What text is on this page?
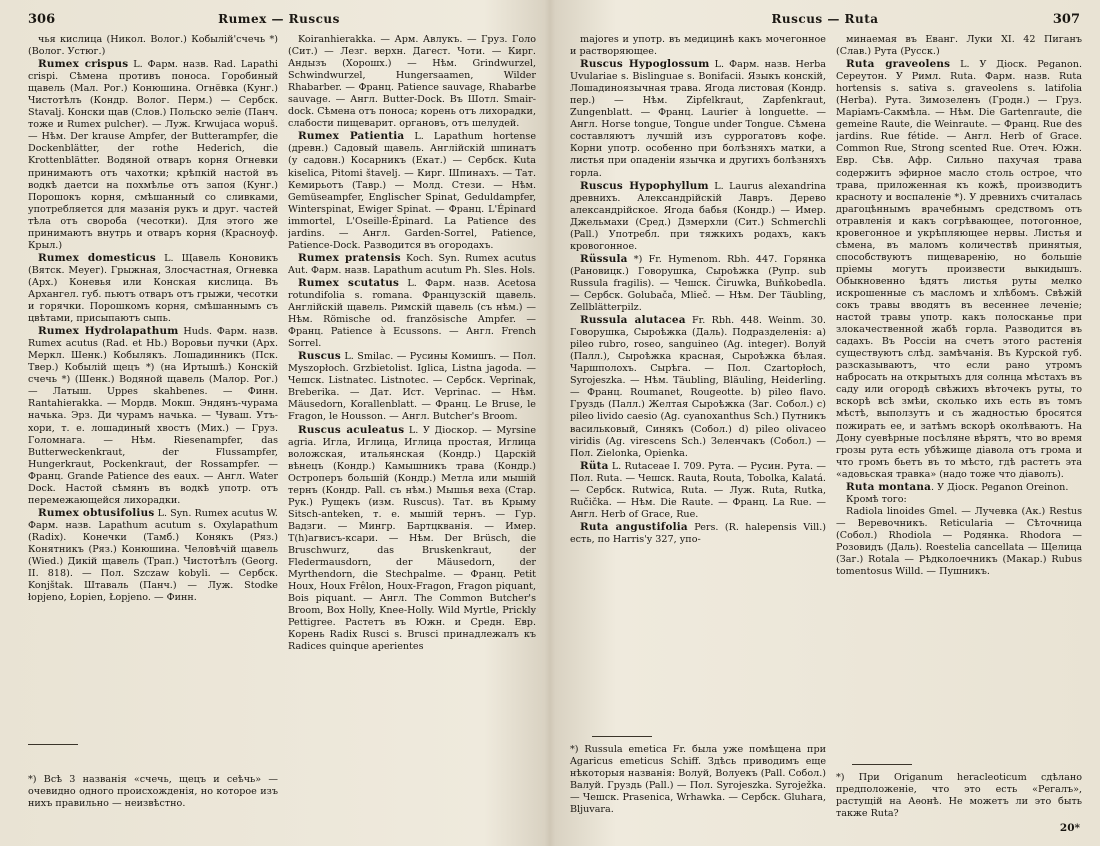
306	Rumex — Ruscus

чья кислица (Никол. Волог.) Кобылій'счечь *) (Волог. Устюг.)

Rumex crispus L. Фарм. назв. Rad. Lapathi crispi. Сѣмена противъ поноса. Горобиный щавель (Мал. Рог.) Конюшина. Огнёвка (Кунг.) Чистотѣлъ (Кондр. Волог. Перм.) — Сербск. Stavalj. Конски щав (Слов.) Польско эеліе (Панч. тоже и Rumex pulcher). — Луж. Krwujaca wopuš. — Нѣм. Der krause Ampfer, der Butterampfer, die Dockenblätter, der rothe Hederich, die Krottenblätter. Водяной отваръ корня Огневки принимаютъ отъ чахотки; крѣпкій настой въ водкѣ даетси на похмѣлье отъ запоя (Кунг.) Порошокъ корня, смѣшанный со сливками, употребляется для мазанія рукъ и друг. частей тѣла отъ свороба (чесотки). Для этого же принимаютъ внутрь и отваръ корня (Красноуф. Крыл.)

Rumex domesticus L. Щавель Коновикъ (Вятск. Меуег). Грыжная, Злосчастная, Огневка (Арх.) Коневья или Конская кислица. Въ Архангел. губ. пьютъ отваръ отъ грыжи, чесотки и горячки. Порошкомъ корня, смѣшаннымъ съ цвѣтами, присыпаютъ сыпь.

Rumex Hydrolapathum Huds. Фарм. назв. Rumex acutus (Rad. et Hb.) Воровьи пучки (Арх. Меркл. Шенк.) Кобылякъ. Лошадинникъ (Пск. Твер.) Кобылій щецъ *) (на Иртышѣ.) Конскій счечь *) (Шенк.) Водяной щавель (Малор. Рог.) — Латыш. Uppes skahbenes. — Финн. Rantahierakka. — Мордв. Мокш. Эндянъ-чурама начька. Эрз. Ди чурамъ начька. — Чуваш. Утъ-хори, т. е. лошадиный хвостъ (Мих.) — Груз. Голомнага. — Нѣм. Riesenampfer, das Butterweckenkraut, der Flussampfer, Hungerkraut, Pockenkraut, der Rossampfer. — Франц. Grande Patience des eaux. — Англ. Water Dock. Настой сѣмянъ въ водкѣ употр. отъ перемежающейся лихорадки.

Rumex obtusifolius L. Syn. Rumex acutus W. Фарм. назв. Lapathum acutum s. Oxylapathum (Radix). Конечки (Тамб.) Конякъ (Ряз.) Конятникъ (Ряз.) Конюшина. Человѣчій щавель (Wied.) Дикій щавель (Трап.) Чистотѣлъ (Georg. II. 818). — Пол. Szczaw kobyli. — Сербск. Konjštak. Штаваль (Панч.) — Луж. Stodke łopjeno, Łopien, Łopjeno. — Финн.

Koiranhierakka. — Арм. Авлукъ. — Груз. Голо (Сит.) — Лезг. верхн. Дагест. Чоти. — Кирг. Андызъ (Хорошх.) — Нѣм. Grindwurzel, Schwindwurzel, Hungersaamen, Wilder Rhabarber. — Франц. Patience sauvage, Rhabarbe sauvage. — Англ. Butter-Dock. Въ Шотл. Smair-dock. Сѣмена отъ поноса; корень отъ лихорадки, слабости пищеварит. органовъ, отъ шелудей.

Rumex Patientia L. Lapathum hortense (древн.) Садовый щавель. Англійскій шпинатъ (у садовн.) Косарникъ (Екат.) — Сербск. Kuta kiselica, Pitomi štavelj. — Кирг. Шпинахъ. — Тат. Кемирьотъ (Тавр.) — Молд. Стези. — Нѣм. Gemüseampfer, Englischer Spinat, Geduldampfer, Winterspinat, Ewiger Spinat. — Франц. L'Épinard immortel, L'Oseille-Épinard. La Patience des jardins. — Англ. Garden-Sorrel, Patience, Patience-Dock. Разводится въ огородахъ.

Rumex pratensis Koch. Syn. Rumex acutus Aut. Фарм. назв. Lapathum acutum Ph. Sles. Hols.

Rumex scutatus L. Фарм. назв. Acetosa rotundifolia s. romana. Французскій щавель. Англійскій щавель. Римскій щавель (съ нѣм.) — Нѣм. Römische od. französische Ampfer. — Франц. Patience à Ecussons. — Англ. French Sorrel.

Ruscus L. Smilac. — Русины Комишъ. — Пол. Myszopłoch. Grzbietolist. Iglica, Listna jagoda. — Чешск. Listnatec. Listnotec. — Сербск. Veprinak, Breberika. — Дат. Ист. Veprinac. — Нѣм. Mäusedorn, Korallenblatt. — Франц. Le Bruse, le Fragon, le Housson. — Англ. Butcher's Broom.

Ruscus aculeatus L. У Діоскор. — Myrsine agria. Игла, Иглица, Иглица простая, Иглица воложская, итальянская (Кондр.) Царскій вѣнецъ (Кондр.) Камышникъ трава (Кондр.) Остроперъ большій (Кондр.) Метла или мышій тернъ (Кондр. Pall. съ нѣм.) Мышья веха (Стар. Рук.) Рущекъ (изм. Ruscus). Тат. въ Крыму Sitsch-anteken, т. е. мышій тернъ. — Гур. Вадзги. — Мингр. Бартцкванія. — Имер. Т(h)агвисъ-ксари. — Нѣм. Der Brüsch, die Bruschwurz, das Bruskenkraut, der Fledermausdorn, der Mäusedorn, der Myrthendorn, die Stechpalme. — Франц. Petit Houx, Houx Frêlon, Houx-Fragon, Fragon piquant, Bois piquant. — Англ. The Common Butcher's Broom, Box Holly, Knee-Holly. Wild Myrtle, Prickly Pettigree. Растетъ въ Южн. и Средн. Евр. Корень Radix Rusci s. Brusci принадлежалъ къ Radices quinque aperientes

*) Всѣ 3 названія «счечь, щецъ и сеѣчь» — очевидно одного происхожденія, но которое изъ нихъ правильно — неизвѣстно.
Ruscus — Ruta	307

majores и употр. въ медицинѣ какъ мочегонное и растворяющее.

Ruscus Hypoglossum L. Фарм. назв. Herba Uvulariae s. Bislinguae s. Bonifacii. Языкъ конскій, Лошадиноязычная трава. Ягода листовая (Кондр. пер.) — Нѣм. Zipfelkraut, Zapfenkraut, Zungenblatt. — Франц. Laurier à longuette. — Англ. Horse tongue, Tongue under Tongue. Сѣмена составляютъ лучшій изъ суррогатовъ кофе. Корни употр. особенно при болѣзняхъ матки, а листья при опаденіи язычка и другихъ болѣзняхъ горла.

Ruscus Hypophyllum L. Laurus alexandrina древнихъ. Александрійскій Лавръ. Дерево александрійское. Ягода бабья (Кондр.) — Имер. Джельмахи (Сред.) Дзмерхли (Сит.) Schmerchli (Pall.) Употребл. при тяжкихъ родахъ, какъ кровогонное.

Rüssula *) Fr. Hymenom. Rbh. 447. Горянка (Рановицк.) Говорушка, Сыроѣжка (Рупр. sub Russula fragilis). — Чешск. Čiruwka, Buňkobedla. — Сербск. Golubača, Mlieč. — Нѣм. Der Täubling, Zellblätterpilz.

Russula alutacea Fr. Rbh. 448. Weinm. 30. Говорушка, Сыроѣжка (Даль). Подразделенія: a) pileo rubro, roseo, sanguineo (Ag. integer). Волуй (Палл.), Сыроѣжка красная, Сыроѣжка бѣлая. Чаршполохъ. Сырѣга. — Пол. Czartopłoch, Syrojeszka. — Нѣм. Täubling, Bläuling, Heiderling. — Франц. Roumanet, Rougeotte. b) pileo flavo. Груздь (Палл.) Желтая Сыроѣжка (Заг. Собол.) c) pileo livido caesio (Ag. cyanoxanthus Sch.) Путникъ васильковый, Синякъ (Собол.) d) pileo olivaceo viridis (Ag. virescens Sch.) Зеленчакъ (Собол.) — Пол. Zielonka, Opienka.

Rüta L. Rutaceae I. 709. Рута. — Русин. Рута. — Пол. Ruta. — Чешск. Rauta, Routa, Tobolka, Kalatá. — Сербск. Rutwica, Ruta. — Луж. Ruta, Rutka, Ručička. — Нѣм. Die Raute. — Франц. La Rue. — Англ. Herb of Grace, Rue.

Ruta angustifolia Pers. (R. halepensis Vill.) есть, по Harris'y 327, упо-

минаемая въ Еванг. Луки XI. 42 Пиганъ (Слав.) Рута (Русск.)

Ruta graveolens L. У Діоск. Peganon. Сереутон. У Римл. Ruta. Фарм. назв. Ruta hortensis s. sativa s. graveolens s. latifolia (Herba). Рута. Зимозеленъ (Гродн.) — Груз. Маріамъ-Сакмѣла. — Нѣм. Die Gartenraute, die gemeine Raute, die Weinraute. — Франц. Rue des jardins. Rue fétide. — Англ. Herb of Grace. Common Rue, Strong scented Rue. Отеч. Южн. Евр. Сѣв. Афр. Сильно пахучая трава содержитъ эфирное масло столь острое, что трава, приложенная къ кожѣ, производитъ краснoту и воспаленіе *). У древнихъ считалась драгоцѣннымъ врачебнымъ средствомъ отъ отравленія и какъ согрѣвающее, потогонное, кровегонное и укрѣпляющее нервы. Листья и сѣмена, въ маломъ количествѣ принятыя, способствуютъ пищеваренію, но большіе пріемы могутъ произвести выкидышъ. Обыкновенно ѣдятъ листья руты мелко искрошенные съ масломъ и хлѣбомъ. Свѣжій сокъ травы вводятъ въ весеннее леченіе; настой травы употр. какъ полосканье при злокачественной жабѣ горла. Разводится въ садахъ. Въ Россіи на счетъ этого растенія существуютъ слѣд. замѣчанія. Въ Курской губ. разсказываютъ, что если рано утромъ набросать на открытыхъ для солнца мѣстахъ въ саду или огородѣ свѣжихъ вѣточекъ руты, то вскорѣ всѣ змѣи, сколько ихъ есть въ томъ мѣстѣ, выползутъ и съ жадностью бросятся пожирать ее, и затѣмъ вскорѣ околѣваютъ. На Дону суевѣрные посѣляне вѣрятъ, что во время грозы рута есть убѣжище діавола отъ грома и что громъ бьетъ въ то мѣсто, гдѣ растетъ эта «адовьская травка» (надо тоже что діаволъ).

Ruta montana. У Діоск. Peganon Oreinon.

Кромѣ того:

Radiola linoides Gmel. — Лучевка (Ак.) Restus — Веревочникъ. Reticularia — Сѣточница (Собол.) Rhodiola — Родянка. Rhodora — Розовидъ (Даль). Roestelia cancellata — Щелица (Заг.) Rotala — Рѣдколоечникъ (Макар.) Rubus tomentosus Willd. — Пушникъ.

*) Russula emetica Fr. была уже помѣщена при Agaricus emeticus Schiff. Здѣсь приводимъ еще нѣкоторыя названія: Волуй, Волуекъ (Pall. Собол.) Валуй. Груздь (Pall.) — Пол. Syrojeszka. Syroježka. — Чешск. Prasenica, Wrhawka. — Сербск. Gluhara, Bljuvara.
*) При Origanum heracleoticum сдѣлано предположеніе, что это есть «Регалъ», растущій на Аѳонѣ. Не можетъ ли это быть также Ruta?
20*
